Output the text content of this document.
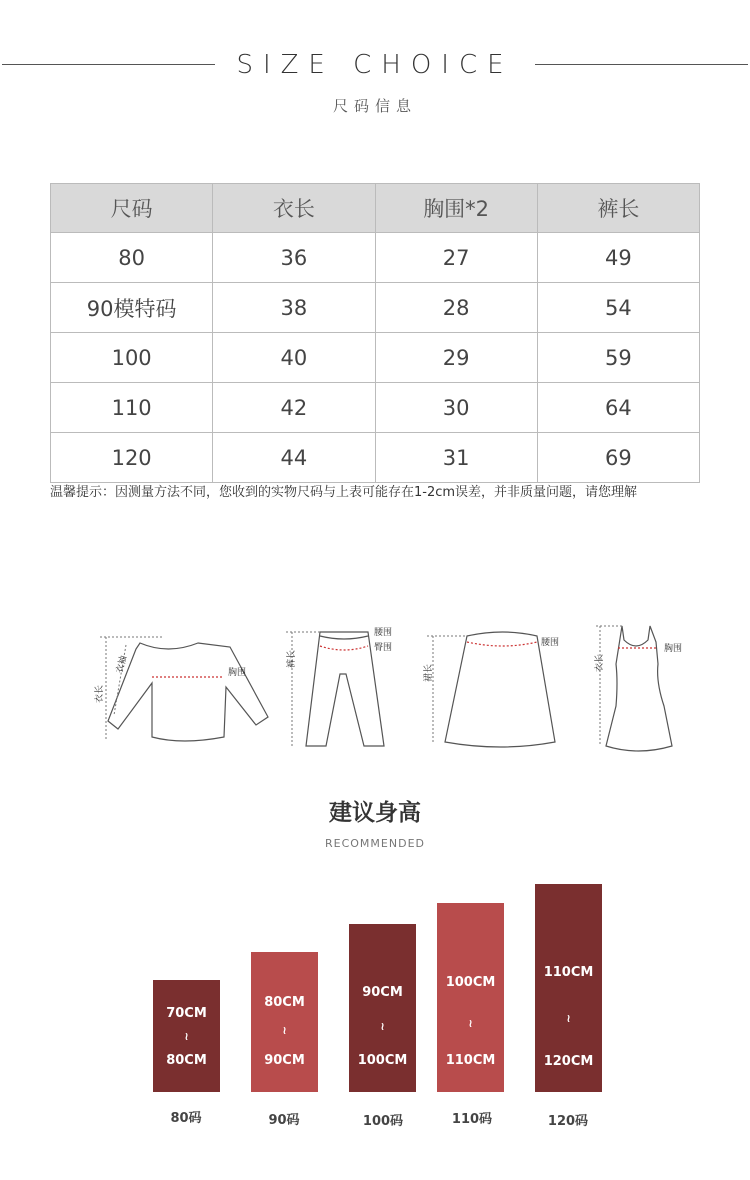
SIZE CHOICE
尺码信息
尺码	衣长	胸围*2	裤长
80	36	27	49
90模特码	38	28	54
100	40	29	59
110	42	30	64
120	44	31	69
温馨提示：因测量方法不同，您收到的实物尺码与上表可能存在1-2cm误差，并非质量问题，请您理解
衣长
衣袖	胸围
裤长
腰围
臀围
裙长
腰围
衣长
胸围
建议身高
RECOMMENDED
70CM
≀
80CM
80CM
≀
90CM
90CM
≀
100CM
100CM
≀
110CM
110CM
≀
120CM
80码	90码	100码	110码	120码
